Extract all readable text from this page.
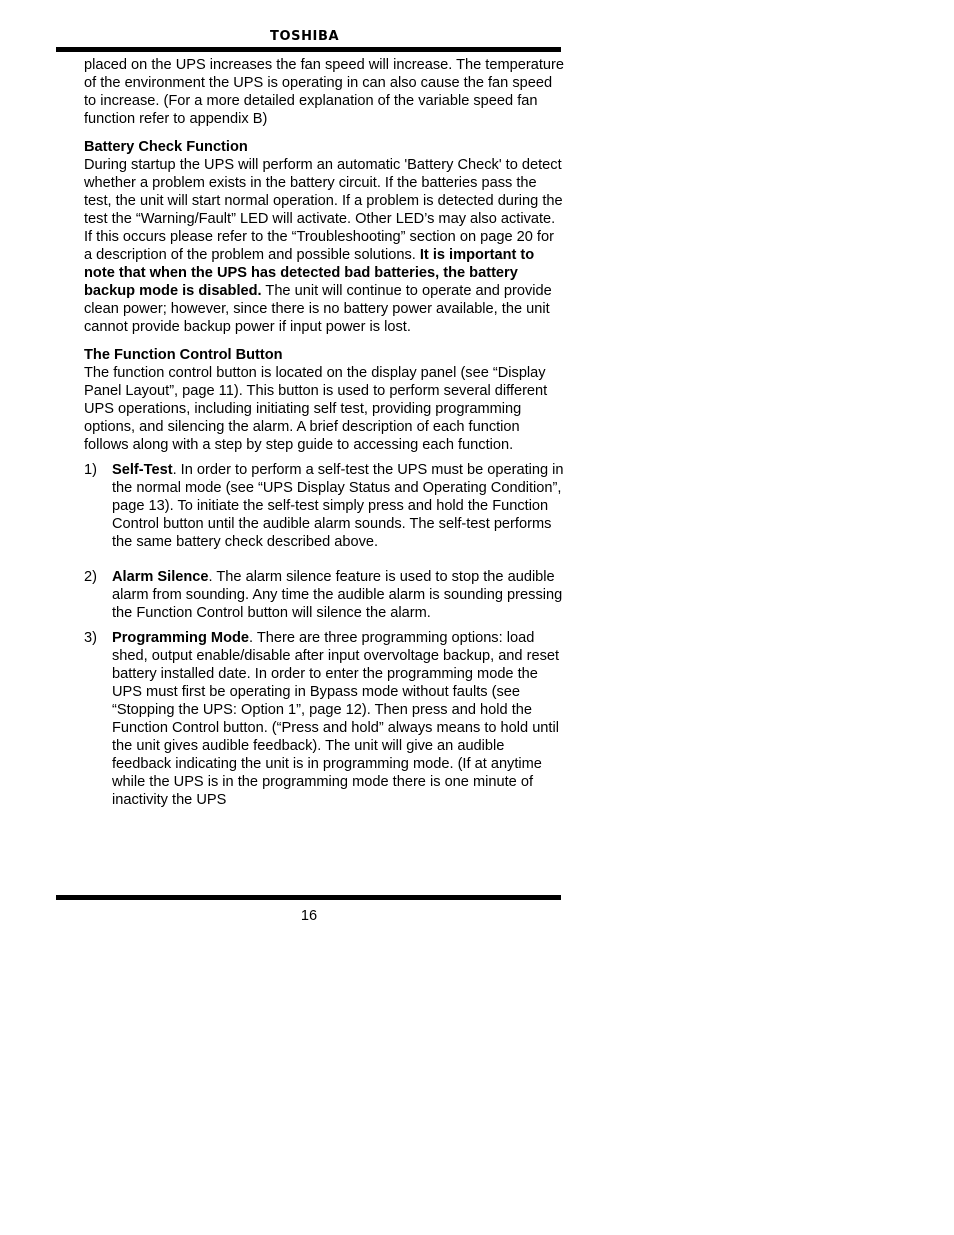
TOSHIBA

placed on the UPS increases the fan speed will increase. The temperature of the environment the UPS is operating in can also cause the fan speed to increase. (For a more detailed explanation of the variable speed fan function refer to appendix B)

Battery Check Function

During startup the UPS will perform an automatic 'Battery Check' to detect whether a problem exists in the battery circuit. If the batteries pass the test, the unit will start normal operation. If a problem is detected during the test the “Warning/Fault” LED will activate. Other LED’s may also activate. If this occurs please refer to the “Troubleshooting” section on page 20 for a description of the problem and possible solutions. It is important to note that when the UPS has detected bad batteries, the battery backup mode is disabled. The unit will continue to operate and provide clean power; however, since there is no battery power available, the unit cannot provide backup power if input power is lost.

The Function Control Button

The function control button is located on the display panel (see “Display Panel Layout”, page 11). This button is used to perform several different UPS operations, including initiating self test, providing programming options, and silencing the alarm. A brief description of each function follows along with a step by step guide to accessing each function.

1) Self-Test. In order to perform a self-test the UPS must be operating in the normal mode (see “UPS Display Status and Operating Condition”, page 13). To initiate the self-test simply press and hold the Function Control button until the audible alarm sounds. The self-test performs the same battery check described above.
2) Alarm Silence. The alarm silence feature is used to stop the audible alarm from sounding. Any time the audible alarm is sounding pressing the Function Control button will silence the alarm.
3) Programming Mode. There are three programming options: load shed, output enable/disable after input overvoltage backup, and reset battery installed date. In order to enter the programming mode the UPS must first be operating in Bypass mode without faults (see “Stopping the UPS: Option 1”, page 12). Then press and hold the Function Control button. (“Press and hold” always means to hold until the unit gives audible feedback). The unit will give an audible feedback indicating the unit is in programming mode. (If at anytime while the UPS is in the programming mode there is one minute of inactivity the UPS
16
